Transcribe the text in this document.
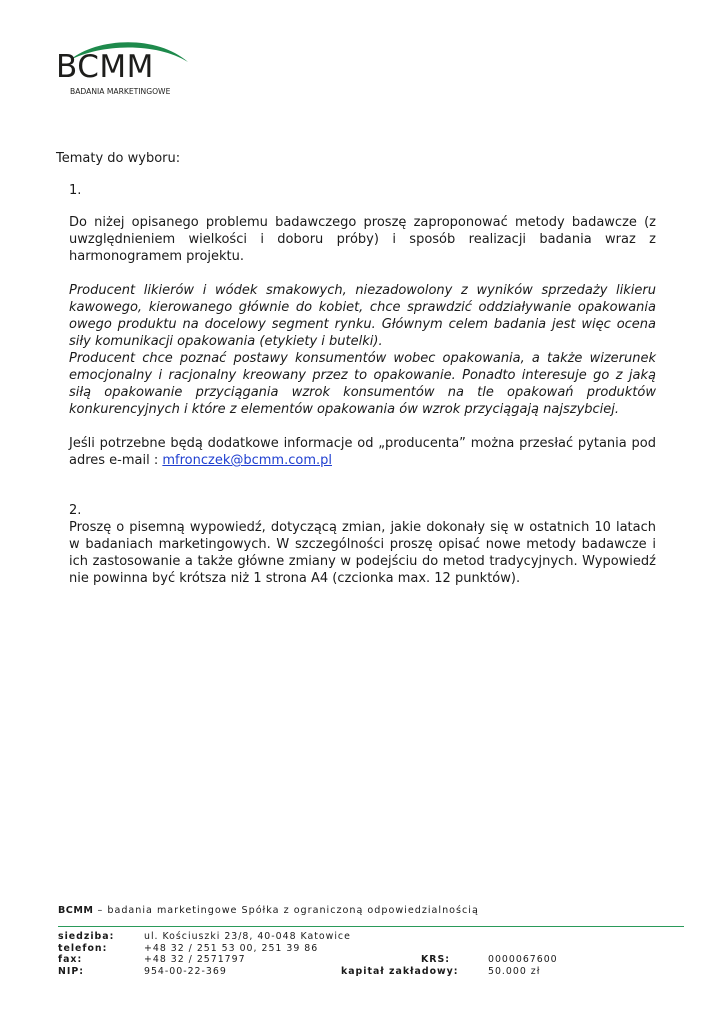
BCMM
BADANIA MARKETINGOWE

Tematy do wyboru:

1.

Do niżej opisanego problemu badawczego proszę zaproponować metody badawcze (z uwzględnieniem wielkości i doboru próby) i sposób realizacji badania wraz z harmonogramem projektu.

Producent likierów i wódek smakowych, niezadowolony z wyników sprzedaży likieru kawowego, kierowanego głównie do kobiet, chce sprawdzić oddziaływanie opakowania owego produktu na docelowy segment rynku. Głównym celem badania jest więc ocena siły komunikacji opakowania (etykiety i butelki).

Producent chce poznać postawy konsumentów wobec opakowania, a także wizerunek emocjonalny i racjonalny kreowany przez to opakowanie. Ponadto interesuje go z jaką siłą opakowanie przyciągania wzrok konsumentów na tle opakowań produktów konkurencyjnych i które z elementów opakowania ów wzrok przyciągają najszybciej.

Jeśli potrzebne będą dodatkowe informacje od „producenta” można przesłać pytania pod adres e-mail : mfronczek@bcmm.com.pl

2.

Proszę o pisemną wypowiedź, dotyczącą zmian, jakie dokonały się w ostatnich 10 latach w badaniach marketingowych. W szczególności proszę opisać nowe metody badawcze i ich zastosowanie a także główne zmiany w podejściu do metod tradycyjnych. Wypowiedź nie powinna być krótsza niż 1 strona A4 (czcionka max. 12 punktów).

BCMM – badania marketingowe Spółka z ograniczoną odpowiedzialnością
siedziba:	ul. Kościuszki 23/8, 40-048 Katowice
telefon:	+48 32 / 251 53 00, 251 39 86
fax:	+48 32 / 2571797	KRS:	0000067600
NIP:	954-00-22-369	kapitał zakładowy:	50.000 zł
